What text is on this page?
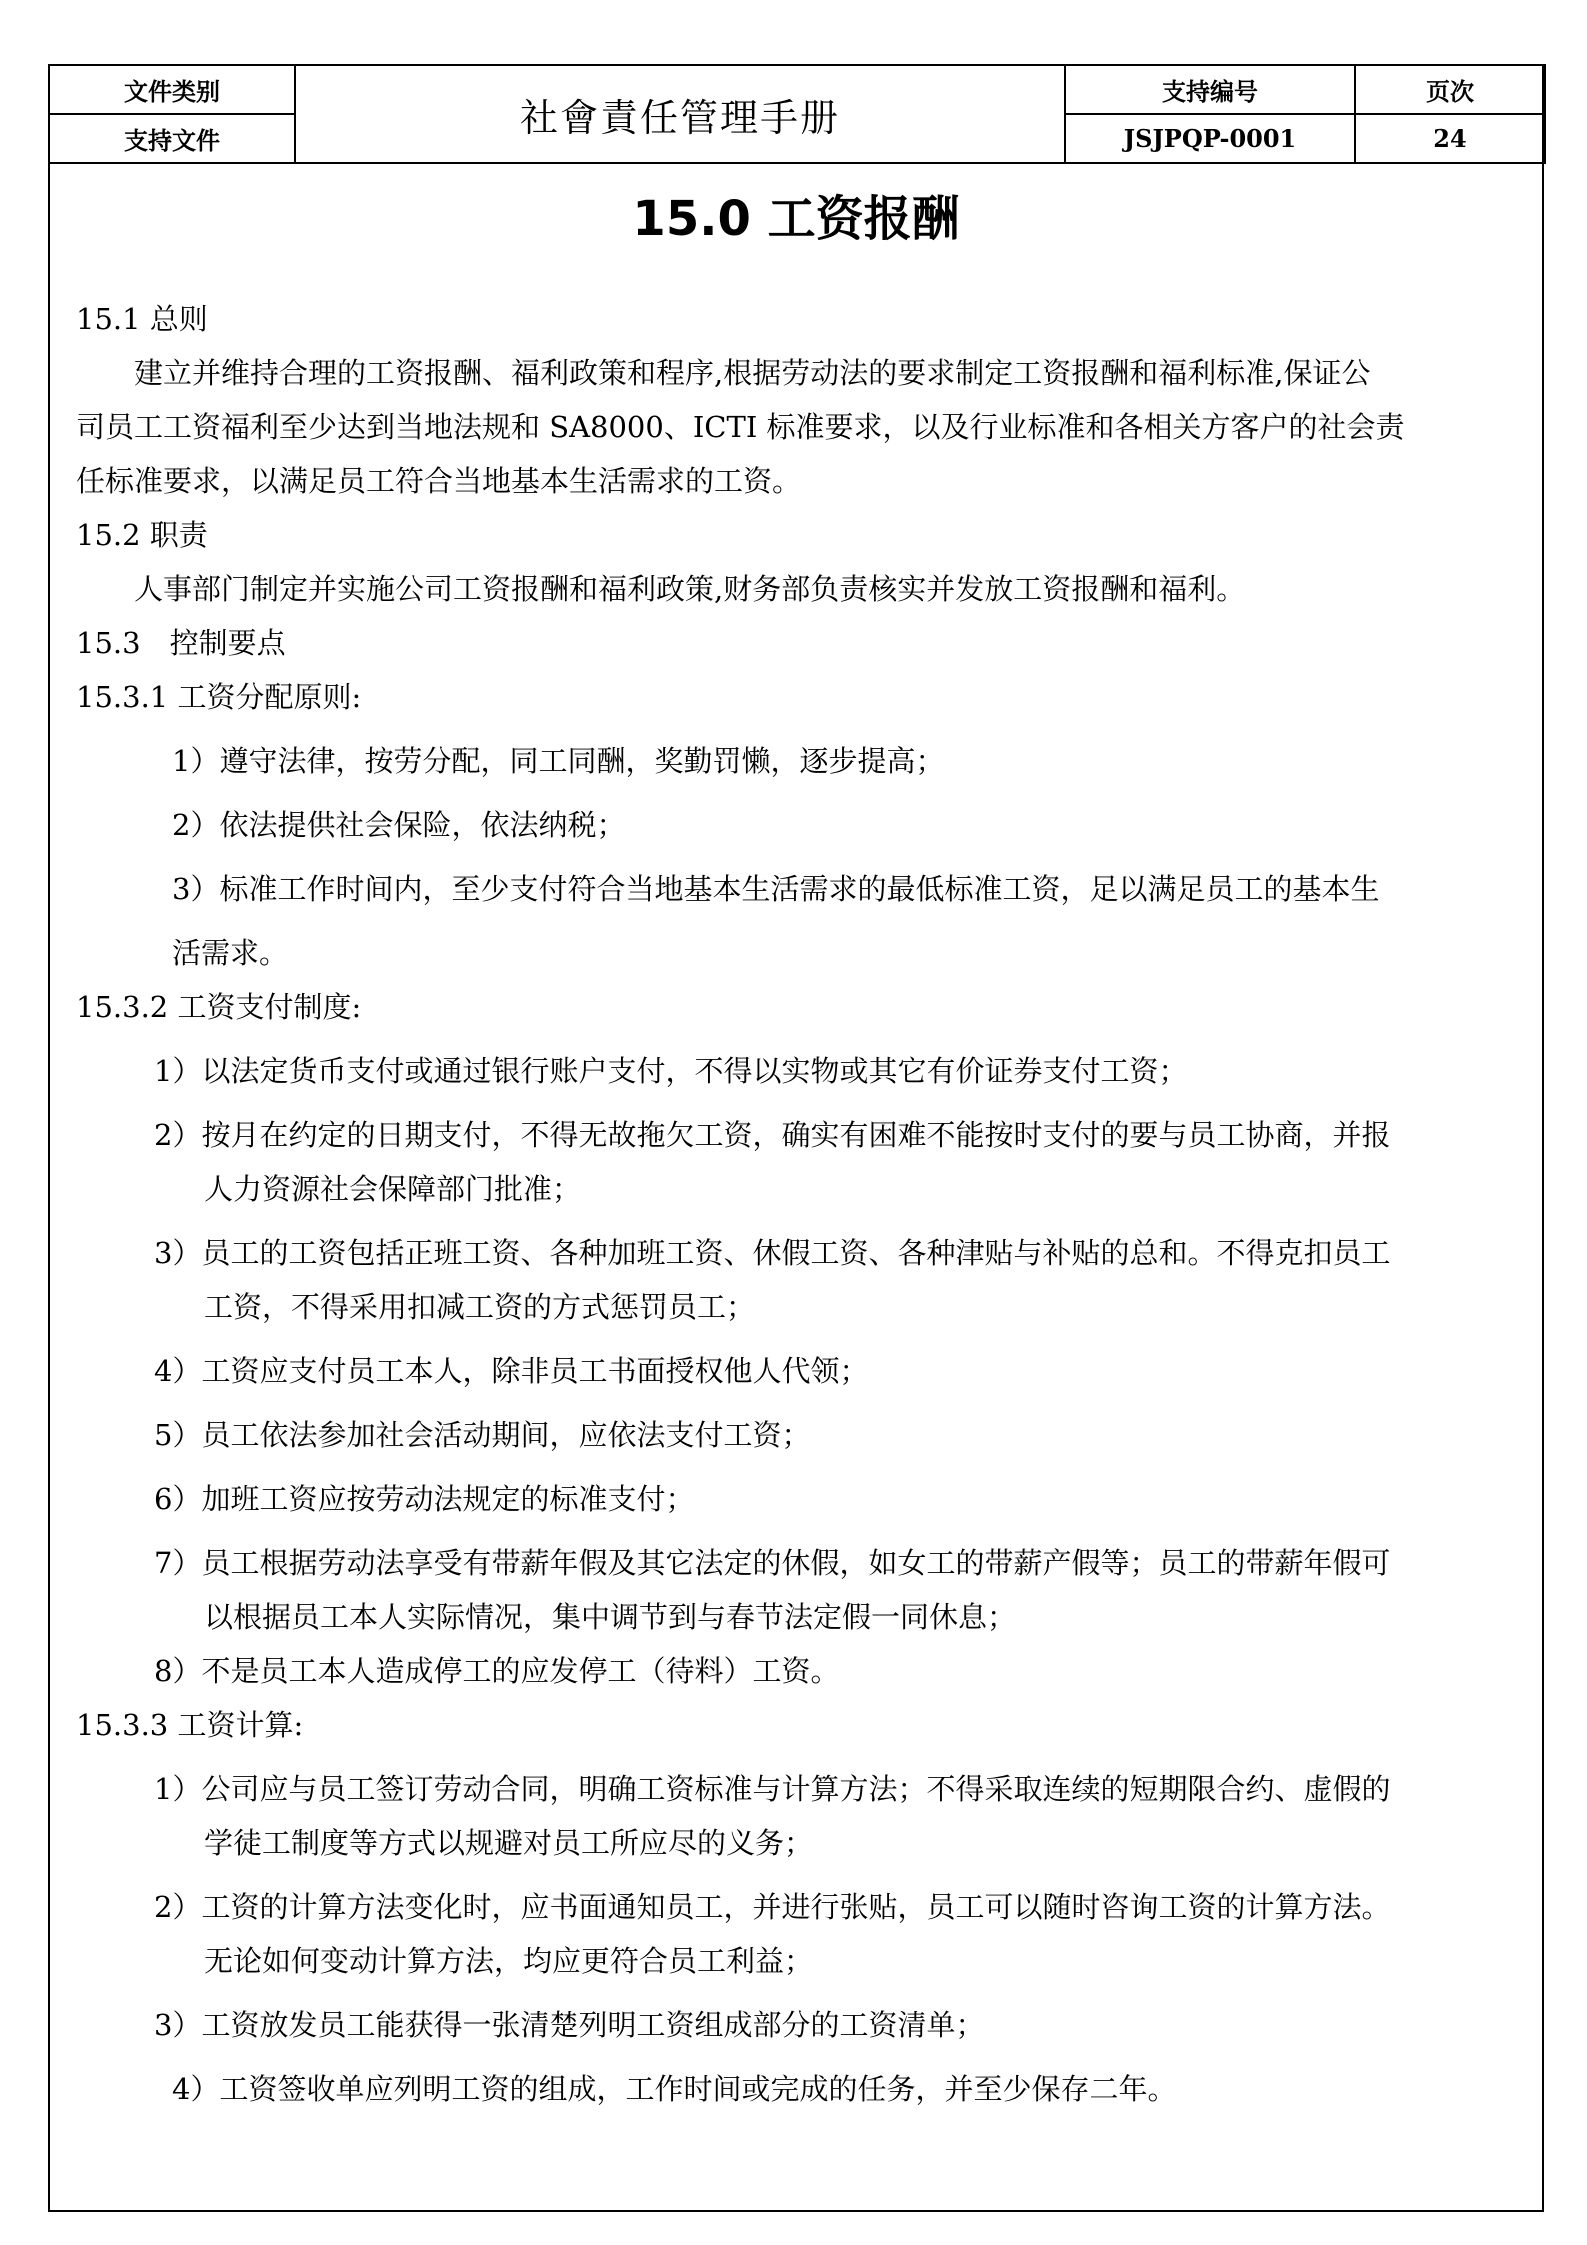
文件类别	社會責任管理手册	支持编号	页次
支持文件		JSJPQP-0001	24
15.0 工资报酬
15.1 总则
建立并维持合理的工资报酬、福利政策和程序,根据劳动法的要求制定工资报酬和福利标准,保证公
司员工工资福利至少达到当地法规和 SA8000、ICTI 标准要求，以及行业标准和各相关方客户的社会责
任标准要求，以满足员工符合当地基本生活需求的工资。
15.2 职责
人事部门制定并实施公司工资报酬和福利政策,财务部负责核实并发放工资报酬和福利。
15.3　控制要点
15.3.1 工资分配原则:
1）遵守法律，按劳分配，同工同酬，奖勤罚懒，逐步提高；
2）依法提供社会保险，依法纳税；
3）标准工作时间内，至少支付符合当地基本生活需求的最低标准工资，足以满足员工的基本生
活需求。
15.3.2 工资支付制度:
1）以法定货币支付或通过银行账户支付，不得以实物或其它有价证券支付工资；
2）按月在约定的日期支付，不得无故拖欠工资，确实有困难不能按时支付的要与员工协商，并报
人力资源社会保障部门批准；
3）员工的工资包括正班工资、各种加班工资、休假工资、各种津贴与补贴的总和。不得克扣员工
工资，不得采用扣减工资的方式惩罚员工；
4）工资应支付员工本人，除非员工书面授权他人代领；
5）员工依法参加社会活动期间，应依法支付工资；
6）加班工资应按劳动法规定的标准支付；
7）员工根据劳动法享受有带薪年假及其它法定的休假，如女工的带薪产假等；员工的带薪年假可
以根据员工本人实际情况，集中调节到与春节法定假一同休息；
8）不是员工本人造成停工的应发停工（待料）工资。
15.3.3 工资计算:
1）公司应与员工签订劳动合同，明确工资标准与计算方法；不得采取连续的短期限合约、虚假的
学徒工制度等方式以规避对员工所应尽的义务；
2）工资的计算方法变化时，应书面通知员工，并进行张贴，员工可以随时咨询工资的计算方法。
无论如何变动计算方法，均应更符合员工利益；
3）工资放发员工能获得一张清楚列明工资组成部分的工资清单；
4）工资签收单应列明工资的组成，工作时间或完成的任务，并至少保存二年。
